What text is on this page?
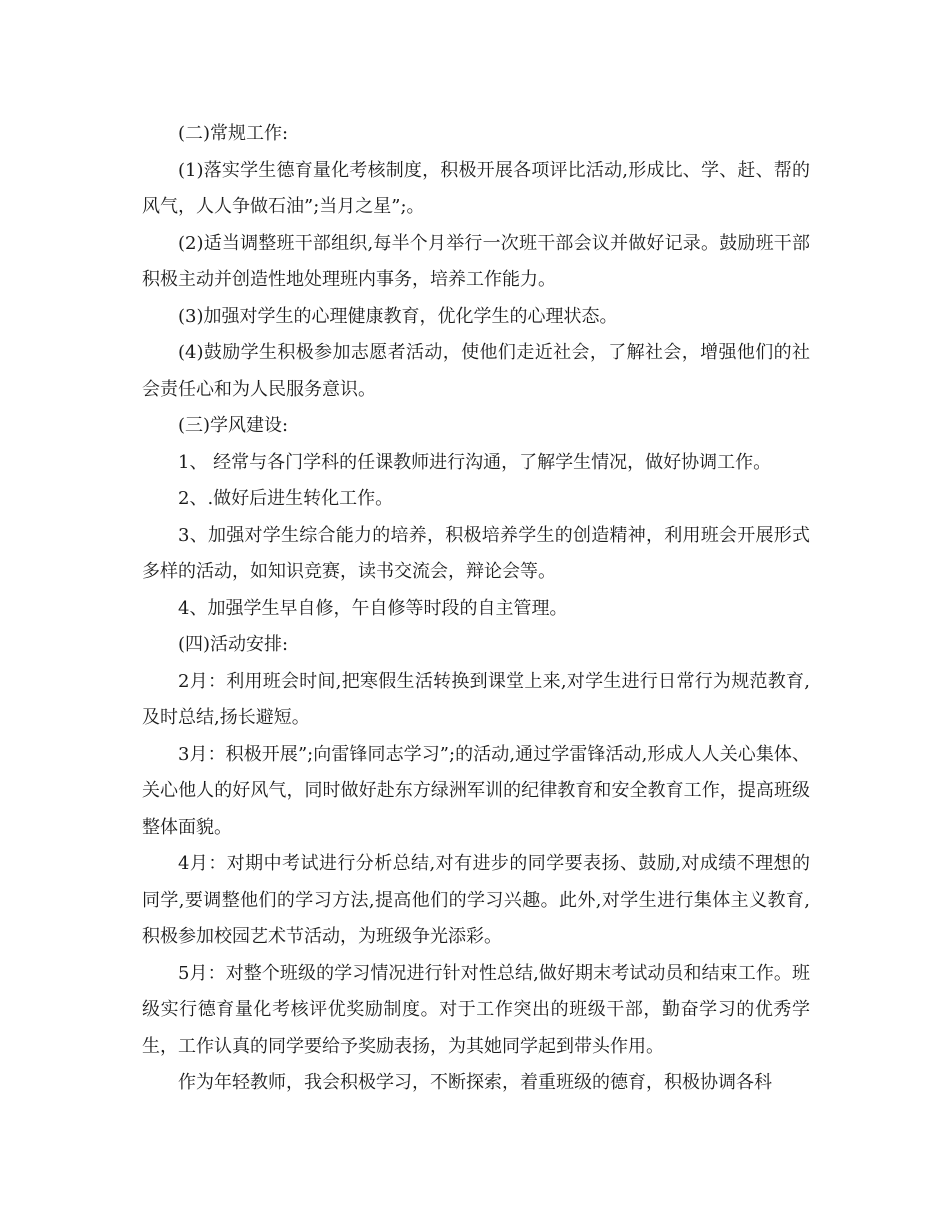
(二)常规工作:

(1)落实学生德育量化考核制度，积极开展各项评比活动,形成比、学、赶、帮的风气，人人争做石油”;当月之星”;。

(2)适当调整班干部组织,每半个月举行一次班干部会议并做好记录。鼓励班干部积极主动并创造性地处理班内事务，培养工作能力。

(3)加强对学生的心理健康教育，优化学生的心理状态。

(4)鼓励学生积极参加志愿者活动，使他们走近社会，了解社会，增强他们的社会责任心和为人民服务意识。

(三)学风建设:

1、 经常与各门学科的任课教师进行沟通，了解学生情况，做好协调工作。

2、.做好后进生转化工作。

3、加强对学生综合能力的培养，积极培养学生的创造精神，利用班会开展形式多样的活动，如知识竞赛，读书交流会，辩论会等。

4、加强学生早自修，午自修等时段的自主管理。

(四)活动安排:

2月：利用班会时间,把寒假生活转换到课堂上来,对学生进行日常行为规范教育,及时总结,扬长避短。

3月：积极开展”;向雷锋同志学习”;的活动,通过学雷锋活动,形成人人关心集体、关心他人的好风气，同时做好赴东方绿洲军训的纪律教育和安全教育工作，提高班级整体面貌。

4月：对期中考试进行分析总结,对有进步的同学要表扬、鼓励,对成绩不理想的同学,要调整他们的学习方法,提高他们的学习兴趣。此外,对学生进行集体主义教育,积极参加校园艺术节活动，为班级争光添彩。

5月：对整个班级的学习情况进行针对性总结,做好期末考试动员和结束工作。班级实行德育量化考核评优奖励制度。对于工作突出的班级干部，勤奋学习的优秀学生，工作认真的同学要给予奖励表扬，为其她同学起到带头作用。

作为年轻教师，我会积极学习，不断探索，着重班级的德育，积极协调各科
